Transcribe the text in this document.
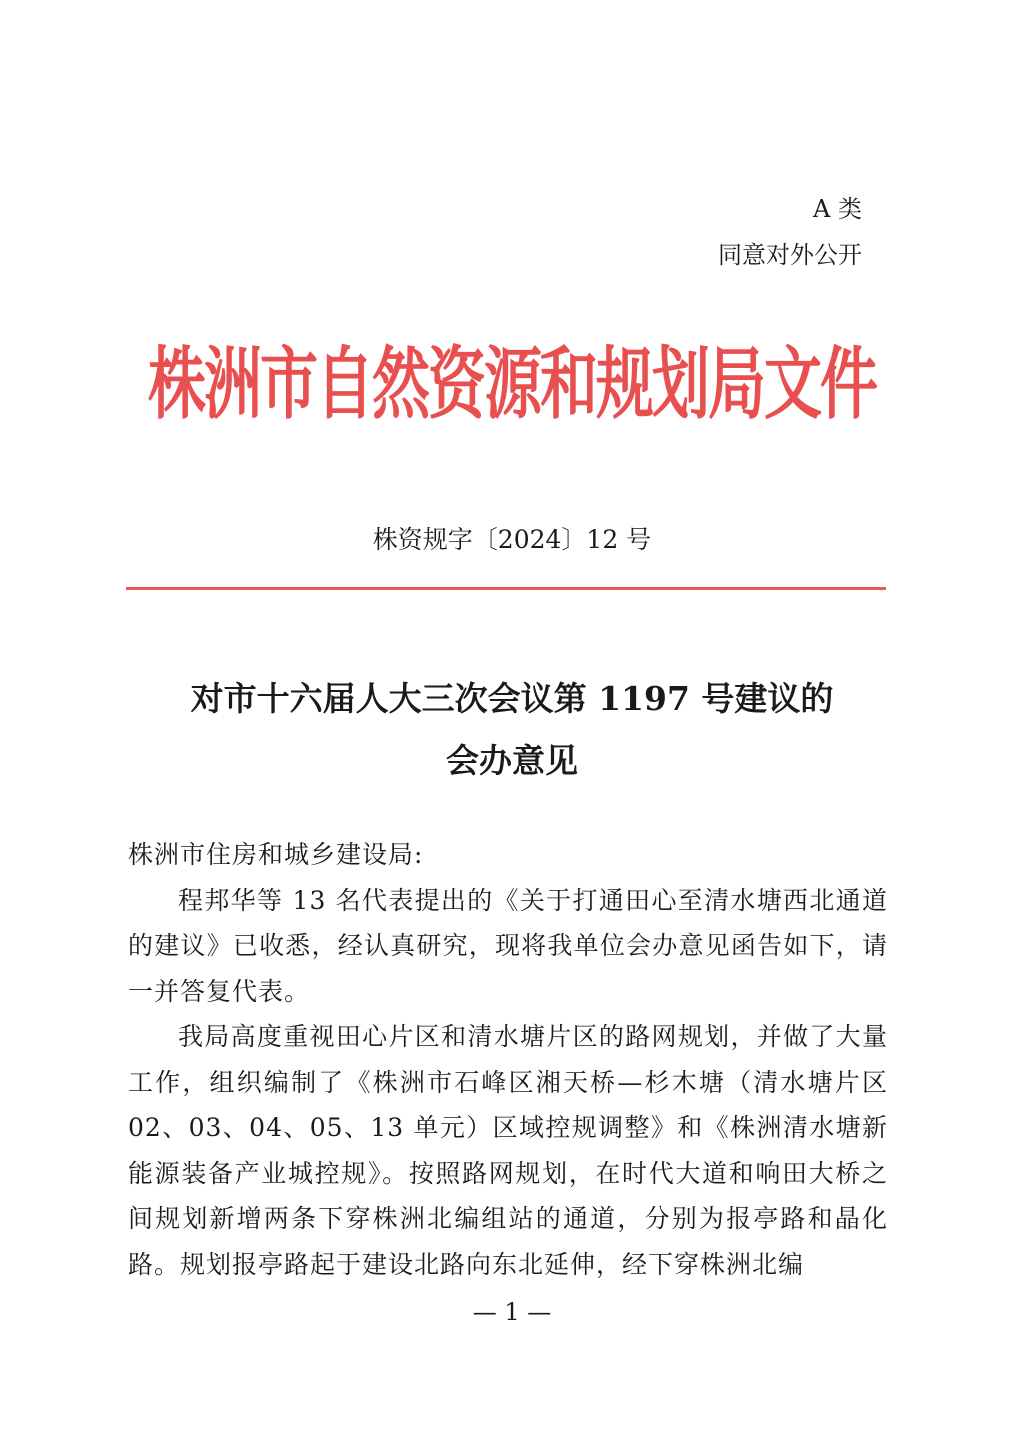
A 类
同意对外公开
株洲市自然资源和规划局文件
株资规字〔2024〕12 号
对市十六届人大三次会议第 1197 号建议的
会办意见

株洲市住房和城乡建设局:

程邦华等 13 名代表提出的《关于打通田心至清水塘西北通道的建议》已收悉，经认真研究，现将我单位会办意见函告如下，请一并答复代表。

我局高度重视田心片区和清水塘片区的路网规划，并做了大量工作，组织编制了《株洲市石峰区湘天桥—杉木塘（清水塘片区 02、03、04、05、13 单元）区域控规调整》和《株洲清水塘新能源装备产业城控规》。按照路网规划，在时代大道和响田大桥之间规划新增两条下穿株洲北编组站的通道，分别为报亭路和晶化路。规划报亭路起于建设北路向东北延伸，经下穿株洲北编

— 1 —
